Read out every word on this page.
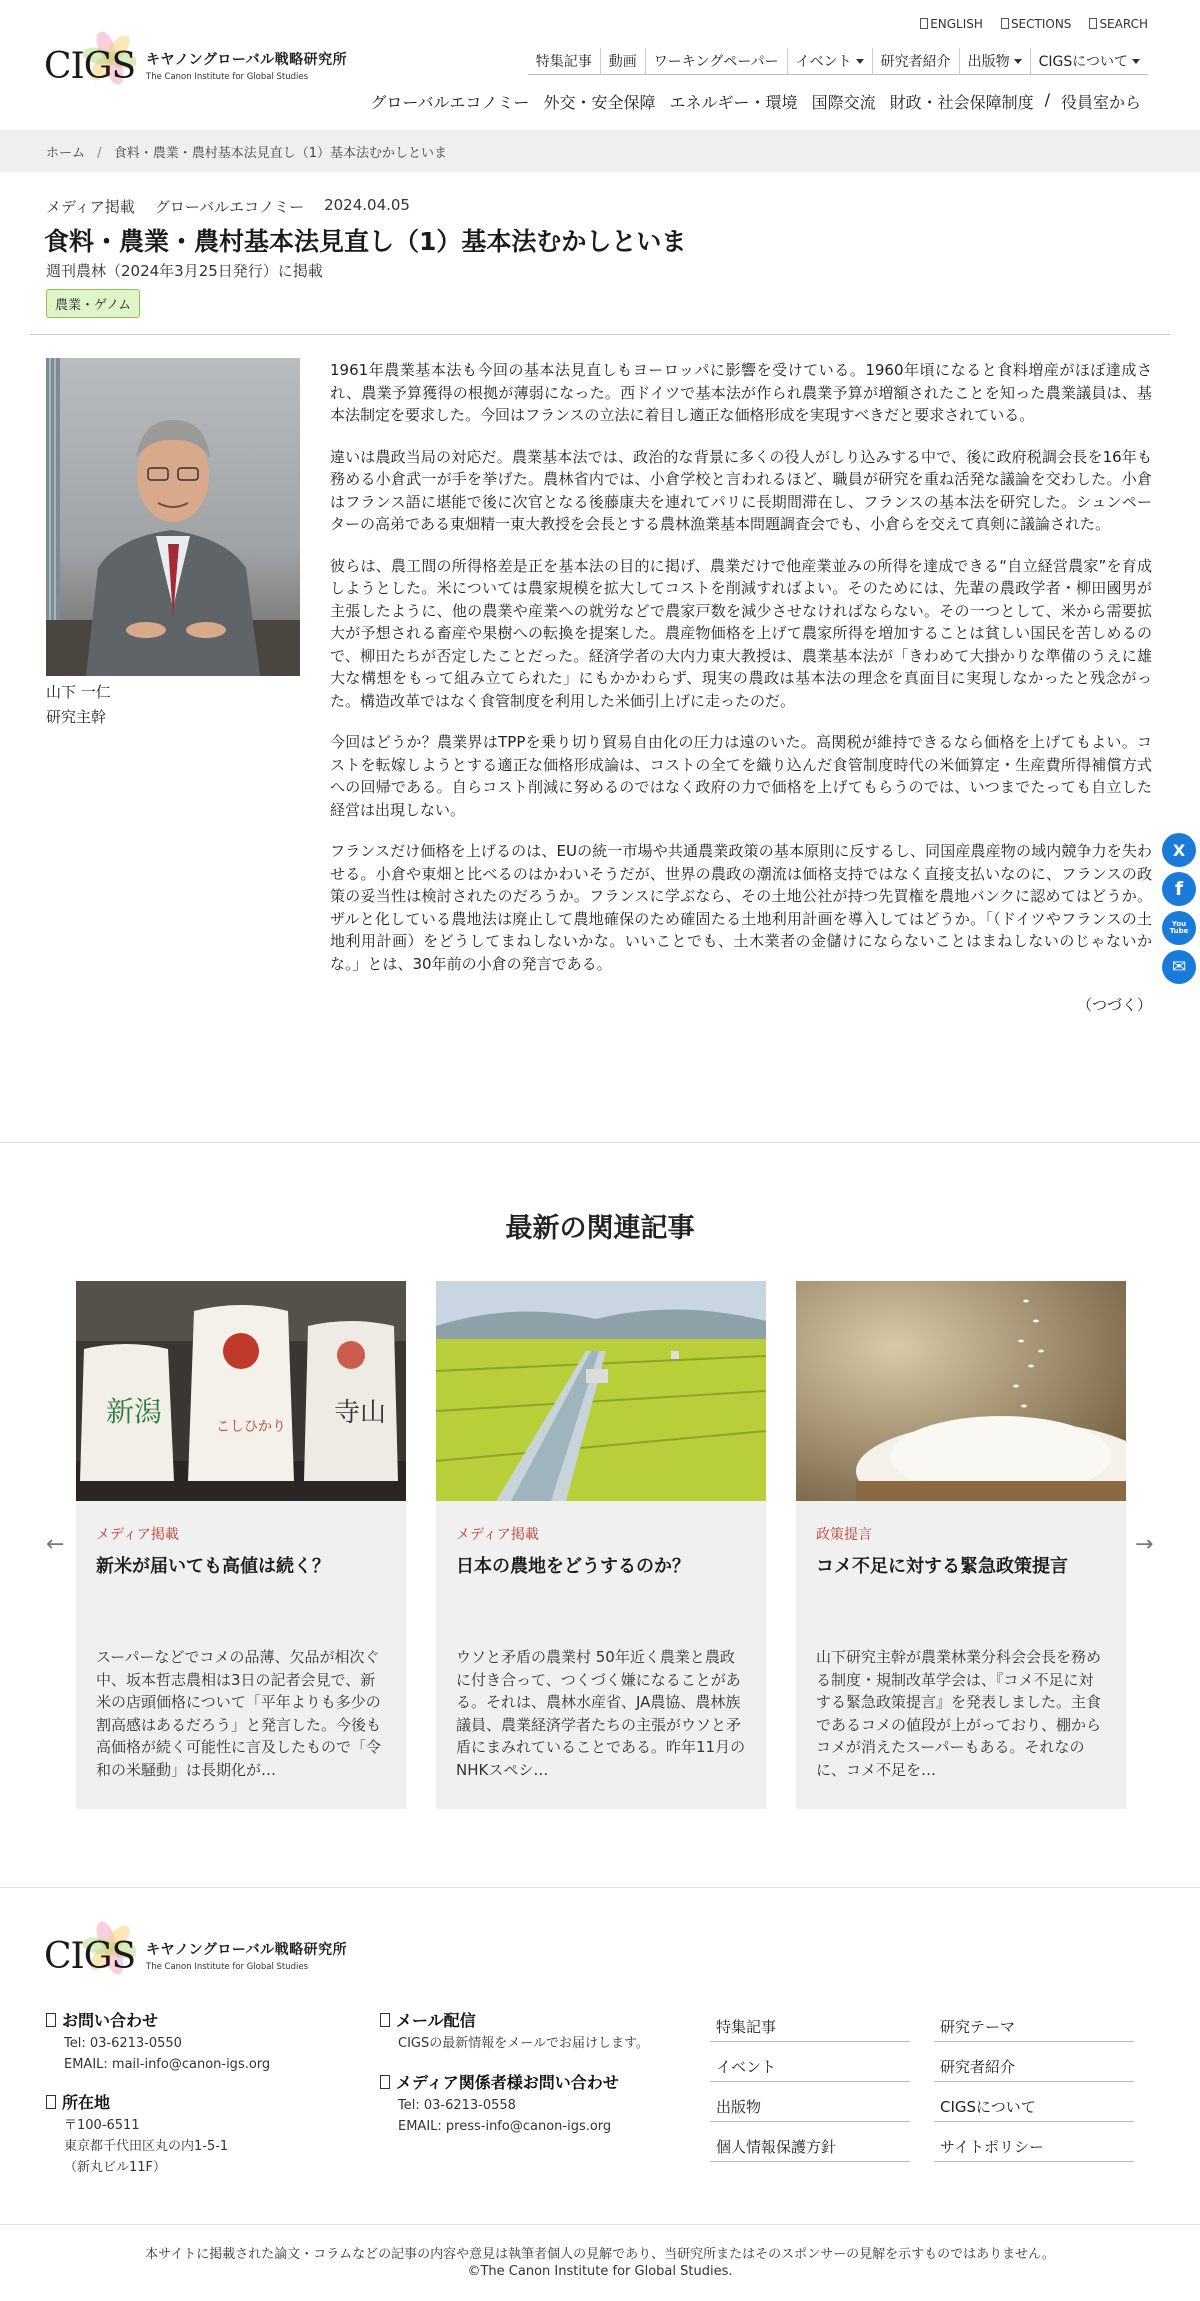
CIGS キヤノングローバル戦略研究所
The Canon Institute for Global Studies
ENGLISH	SECTIONS	SEARCH
特集記事	動画	ワーキングペーパー	イベント	研究者紹介	出版物	CIGSについて
グローバルエコノミー 外交・安全保障 エネルギー・環境 国際交流 財政・社会保障制度 / 役員室から
ホーム / 食料・農業・農村基本法見直し（1）基本法むかしといま
メディア掲載 グローバルエコノミー 2024.04.05
食料・農業・農村基本法見直し（1）基本法むかしといま
週刊農林（2024年3月25日発行）に掲載
農業・ゲノム
山下 一仁
研究主幹

1961年農業基本法も今回の基本法見直しもヨーロッパに影響を受けている。1960年頃になると食料増産がほぼ達成され、農業予算獲得の根拠が薄弱になった。西ドイツで基本法が作られ農業予算が増額されたことを知った農業議員は、基本法制定を要求した。今回はフランスの立法に着目し適正な価格形成を実現すべきだと要求されている。

違いは農政当局の対応だ。農業基本法では、政治的な背景に多くの役人がしり込みする中で、後に政府税調会長を16年も務める小倉武一が手を挙げた。農林省内では、小倉学校と言われるほど、職員が研究を重ね活発な議論を交わした。小倉はフランス語に堪能で後に次官となる後藤康夫を連れてパリに長期間滞在し、フランスの基本法を研究した。シュンペーターの高弟である東畑精一東大教授を会長とする農林漁業基本問題調査会でも、小倉らを交えて真剣に議論された。

彼らは、農工間の所得格差是正を基本法の目的に掲げ、農業だけで他産業並みの所得を達成できる“自立経営農家”を育成しようとした。米については農家規模を拡大してコストを削減すればよい。そのためには、先輩の農政学者・柳田國男が主張したように、他の農業や産業への就労などで農家戸数を減少させなければならない。その一つとして、米から需要拡大が予想される畜産や果樹への転換を提案した。農産物価格を上げて農家所得を増加することは貧しい国民を苦しめるので、柳田たちが否定したことだった。経済学者の大内力東大教授は、農業基本法が「きわめて大掛かりな準備のうえに雄大な構想をもって組み立てられた」にもかかわらず、現実の農政は基本法の理念を真面目に実現しなかったと残念がった。構造改革ではなく食管制度を利用した米価引上げに走ったのだ。

今回はどうか？農業界はTPPを乗り切り貿易自由化の圧力は遠のいた。高関税が維持できるなら価格を上げてもよい。コストを転嫁しようとする適正な価格形成論は、コストの全てを織り込んだ食管制度時代の米価算定・生産費所得補償方式への回帰である。自らコスト削減に努めるのではなく政府の力で価格を上げてもらうのでは、いつまでたっても自立した経営は出現しない。

フランスだけ価格を上げるのは、EUの統一市場や共通農業政策の基本原則に反するし、同国産農産物の域内競争力を失わせる。小倉や東畑と比べるのはかわいそうだが、世界の農政の潮流は価格支持ではなく直接支払いなのに、フランスの政策の妥当性は検討されたのだろうか。フランスに学ぶなら、その土地公社が持つ先買権を農地バンクに認めてはどうか。ザルと化している農地法は廃止して農地確保のため確固たる土地利用計画を導入してはどうか。「（ドイツやフランスの土地利用計画）をどうしてまねしないかな。いいことでも、土木業者の金儲けにならないことはまねしないのじゃないかな。」とは、30年前の小倉の発言である。

（つづく）

X
f
You Tube
✉
最新の関連記事
←	→
新潟	こしひかり 寺山
メディア掲載
新米が届いても高値は続く？
スーパーなどでコメの品薄、欠品が相次ぐ中、坂本哲志農相は3日の記者会見で、新米の店頭価格について「平年よりも多少の割高感はあるだろう」と発言した。今後も高価格が続く可能性に言及したもので「令和の米騒動」は長期化が…
メディア掲載
日本の農地をどうするのか？
ウソと矛盾の農業村 50年近く農業と農政に付き合って、つくづく嫌になることがある。それは、農林水産省、JA農協、農林族議員、農業経済学者たちの主張がウソと矛盾にまみれていることである。昨年11月のNHKスペシ…
政策提言
コメ不足に対する緊急政策提言
山下研究主幹が農業林業分科会会長を務める制度・規制改革学会は、『コメ不足に対する緊急政策提言』を発表しました。主食であるコメの値段が上がっており、棚からコメが消えたスーパーもある。それなのに、コメ不足を…
CIGS キヤノングローバル戦略研究所
The Canon Institute for Global Studies
お問い合わせ
Tel: 03-6213-0550
EMAIL: mail-info@canon-igs.org
所在地
〒100-6511
東京都千代田区丸の内1-5-1
（新丸ビル11F）
メール配信
CIGSの最新情報をメールでお届けします。
メディア関係者様お問い合わせ
Tel: 03-6213-0558
EMAIL: press-info@canon-igs.org
特集記事
イベント
出版物
個人情報保護方針
研究テーマ
研究者紹介
CIGSについて
サイトポリシー
本サイトに掲載された論文・コラムなどの記事の内容や意見は執筆者個人の見解であり、当研究所またはそのスポンサーの見解を示すものではありません。
©The Canon Institute for Global Studies.
